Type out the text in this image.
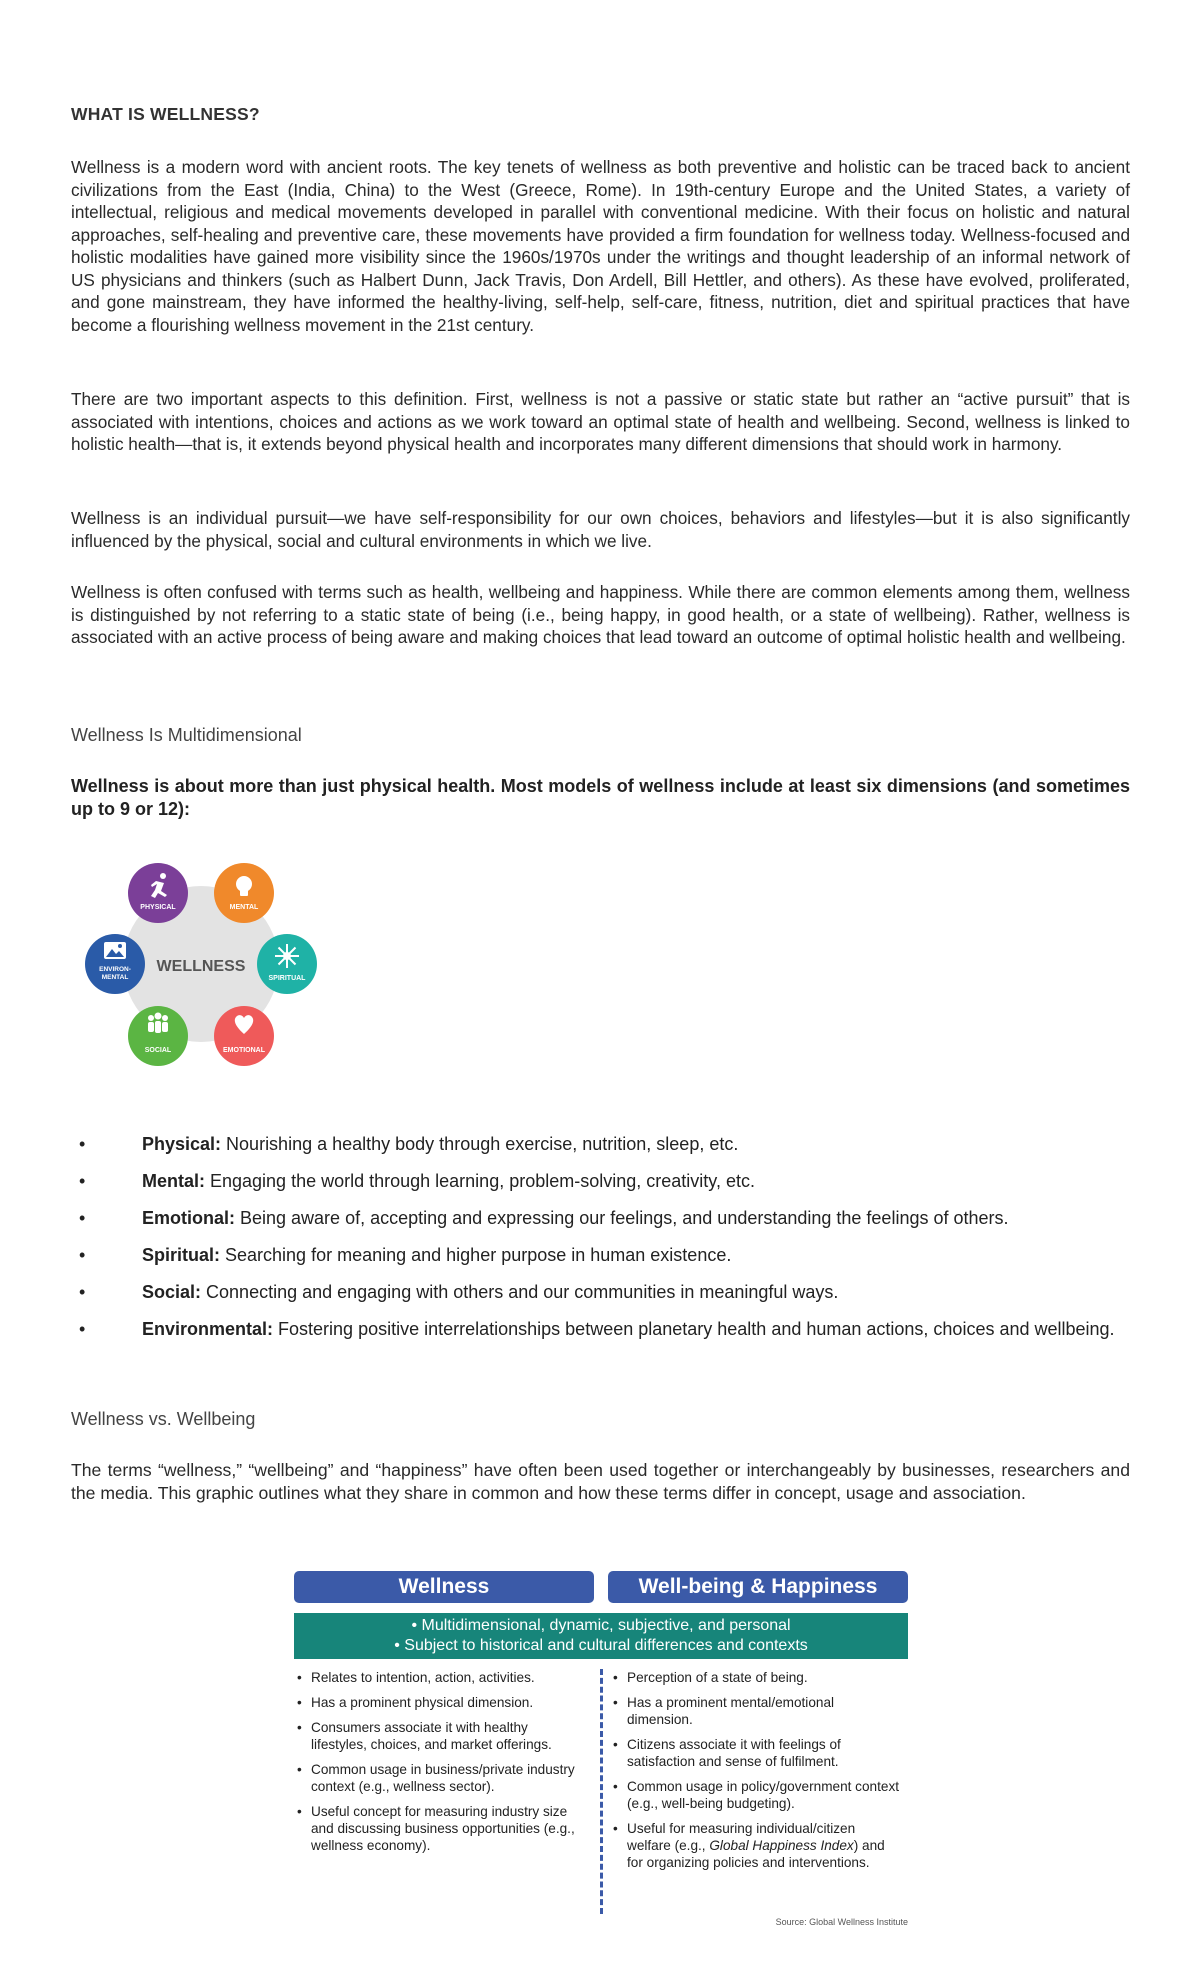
WHAT IS WELLNESS?

Wellness is a modern word with ancient roots. The key tenets of wellness as both preventive and holistic can be traced back to ancient civilizations from the East (India, China) to the West (Greece, Rome). In 19th-century Europe and the United States, a variety of intellectual, religious and medical movements developed in parallel with conventional medicine. With their focus on holistic and natural approaches, self-healing and preventive care, these movements have provided a firm foundation for wellness today. Wellness-focused and holistic modalities have gained more visibility since the 1960s/1970s under the writings and thought leadership of an informal network of US physicians and thinkers (such as Halbert Dunn, Jack Travis, Don Ardell, Bill Hettler, and others). As these have evolved, proliferated, and gone mainstream, they have informed the healthy-living, self-help, self-care, fitness, nutrition, diet and spiritual practices that have become a flourishing wellness movement in the 21st century.

There are two important aspects to this definition. First, wellness is not a passive or static state but rather an “active pursuit” that is associated with intentions, choices and actions as we work toward an optimal state of health and wellbeing. Second, wellness is linked to holistic health—that is, it extends beyond physical health and incorporates many different dimensions that should work in harmony.

Wellness is an individual pursuit—we have self-responsibility for our own choices, behaviors and lifestyles—but it is also significantly influenced by the physical, social and cultural environments in which we live.

Wellness is often confused with terms such as health, wellbeing and happiness. While there are common elements among them, wellness is distinguished by not referring to a static state of being (i.e., being happy, in good health, or a state of wellbeing). Rather, wellness is associated with an active process of being aware and making choices that lead toward an outcome of optimal holistic health and wellbeing.

Wellness Is Multidimensional

Wellness is about more than just physical health. Most models of wellness include at least six dimensions (and sometimes up to 9 or 12):

WELLNESS
PHYSICAL	MENTAL
SPIRITUAL
EMOTIONAL
SOCIAL
ENVIRON-
MENTAL
•	Physical: Nourishing a healthy body through exercise, nutrition, sleep, etc.
•	Mental: Engaging the world through learning, problem-solving, creativity, etc.
•	Emotional: Being aware of, accepting and expressing our feelings, and understanding the feelings of others.
•	Spiritual: Searching for meaning and higher purpose in human existence.
•	Social: Connecting and engaging with others and our communities in meaningful ways.
•	Environmental: Fostering positive interrelationships between planetary health and human actions, choices and wellbeing.
Wellness vs. Wellbeing

The terms “wellness,” “wellbeing” and “happiness” have often been used together or interchangeably by businesses, researchers and the media. This graphic outlines what they share in common and how these terms differ in concept, usage and association.

Wellness	Well-being & Happiness
• Multidimensional, dynamic, subjective, and personal
• Subject to historical and cultural differences and contexts
• Relates to intention, action, activities.
• Has a prominent physical dimension.
• Consumers associate it with healthy lifestyles, choices, and market offerings.
• Common usage in business/private industry context (e.g., wellness sector).
• Useful concept for measuring industry size and discussing business opportunities (e.g., wellness economy).
• Perception of a state of being.
• Has a prominent mental/emotional dimension.
• Citizens associate it with feelings of satisfaction and sense of fulfilment.
• Common usage in policy/government context (e.g., well-being budgeting).
• Useful for measuring individual/citizen welfare (e.g., Global Happiness Index) and for organizing policies and interventions.
Source: Global Wellness Institute
